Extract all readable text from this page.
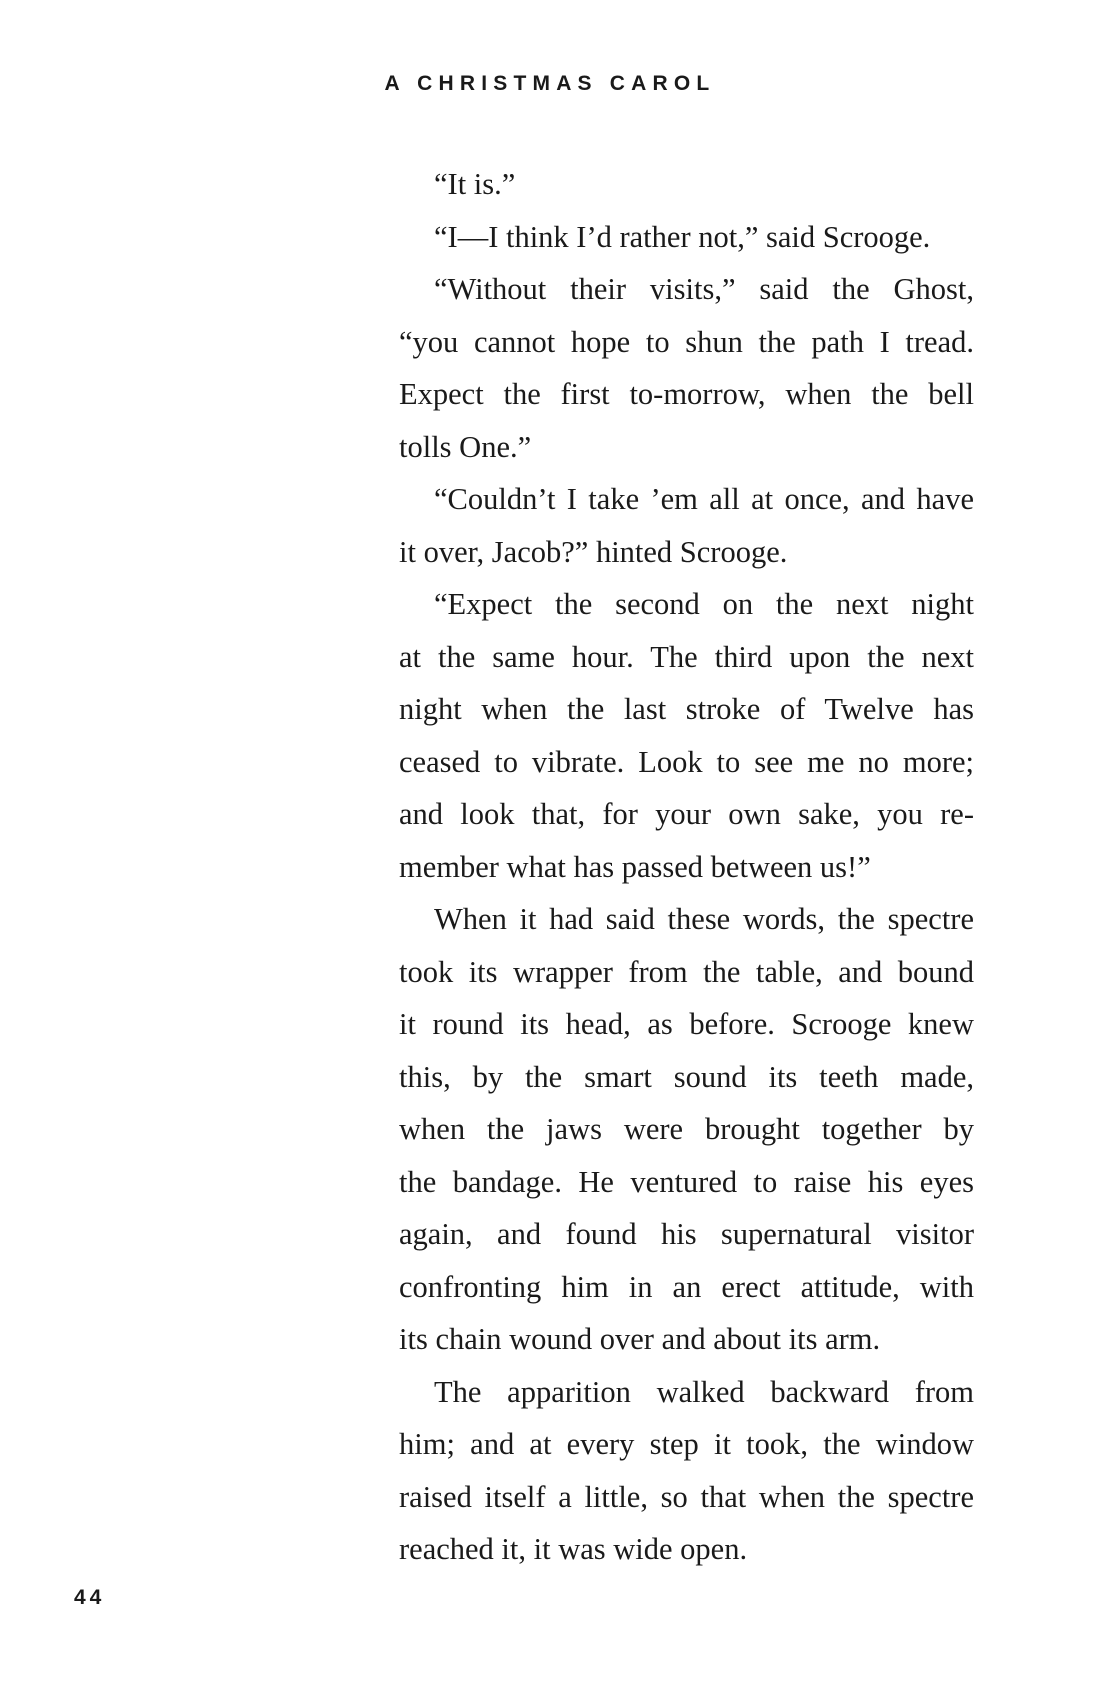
A CHRISTMAS CAROL
“It is.”
“I—I think I’d rather not,” said Scrooge.
“Without their visits,” said the Ghost,
“you cannot hope to shun the path I tread.
Expect the first to-morrow, when the bell
tolls One.”
“Couldn’t I take ’em all at once, and have
it over, Jacob?” hinted Scrooge.
“Expect the second on the next night
at the same hour. The third upon the next
night when the last stroke of Twelve has
ceased to vibrate. Look to see me no more;
and look that, for your own sake, you re-
member what has passed between us!”
When it had said these words, the spectre
took its wrapper from the table, and bound
it round its head, as before. Scrooge knew
this, by the smart sound its teeth made,
when the jaws were brought together by
the bandage. He ventured to raise his eyes
again, and found his supernatural visitor
confronting him in an erect attitude, with
its chain wound over and about its arm.
The apparition walked backward from
him; and at every step it took, the window
raised itself a little, so that when the spectre
reached it, it was wide open.
44
